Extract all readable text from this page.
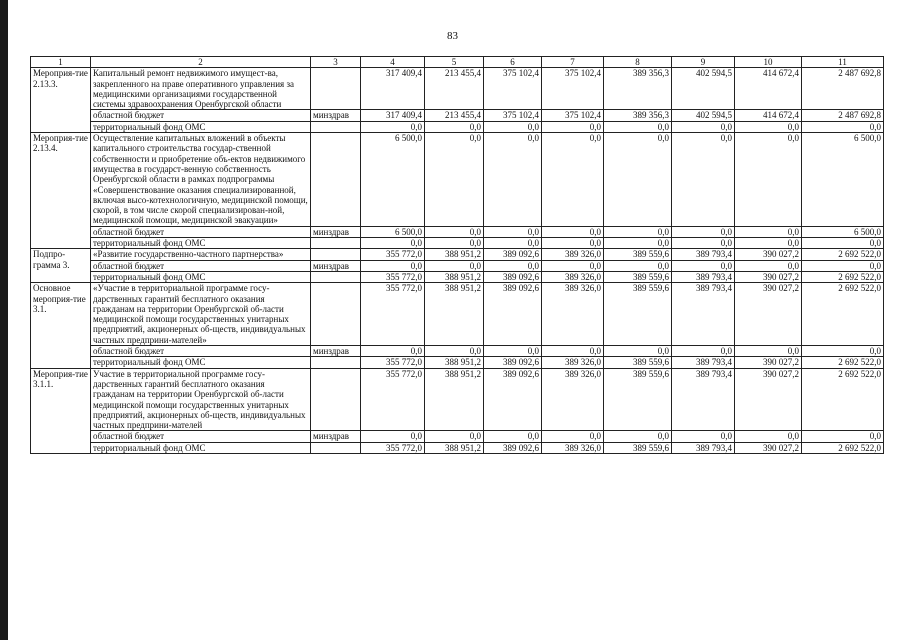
83
1	2	3	4	5	6	7	8	9	10	11
Мероприя-тие 2.13.3.	Капитальный ремонт недвижимого имущест-ва, закрепленного на праве оперативного управления за медицинскими организациями государственной системы здравоохранения Оренбургской области		317 409,4	213 455,4	375 102,4	375 102,4	389 356,3	402 594,5	414 672,4	2 487 692,8
	областной бюджет	минздрав	317 409,4	213 455,4	375 102,4	375 102,4	389 356,3	402 594,5	414 672,4	2 487 692,8
	территориальный фонд ОМС		0,0	0,0	0,0	0,0	0,0	0,0	0,0	0,0
Мероприя-тие 2.13.4.	Осуществление капитальных вложений в объекты капитального строительства государ-ственной собственности и приобретение объ-ектов недвижимого имущества в государст-венную собственность Оренбургской области в рамках подпрограммы «Совершенствование оказания специализированной, включая высо-котехнологичную, медицинской помощи, скорой, в том числе скорой специализирован-ной, медицинской помощи, медицинской эвакуации»		6 500,0	0,0	0,0	0,0	0,0	0,0	0,0	6 500,0
	областной бюджет	минздрав	6 500,0	0,0	0,0	0,0	0,0	0,0	0,0	6 500,0
	территориальный фонд ОМС		0,0	0,0	0,0	0,0	0,0	0,0	0,0	0,0
Подпро-грамма 3.	«Развитие государственно-частного партнерства»		355 772,0	388 951,2	389 092,6	389 326,0	389 559,6	389 793,4	390 027,2	2 692 522,0
	областной бюджет	минздрав	0,0	0,0	0,0	0,0	0,0	0,0	0,0	0,0
	территориальный фонд ОМС		355 772,0	388 951,2	389 092,6	389 326,0	389 559,6	389 793,4	390 027,2	2 692 522,0
Основное мероприя-тие 3.1.	«Участие в территориальной программе госу-дарственных гарантий бесплатного оказания гражданам на территории Оренбургской об-ласти медицинской помощи государственных унитарных предприятий, акционерных об-ществ, индивидуальных частных предприни-мателей»		355 772,0	388 951,2	389 092,6	389 326,0	389 559,6	389 793,4	390 027,2	2 692 522,0
	областной бюджет	минздрав	0,0	0,0	0,0	0,0	0,0	0,0	0,0	0,0
	территориальный фонд ОМС		355 772,0	388 951,2	389 092,6	389 326,0	389 559,6	389 793,4	390 027,2	2 692 522,0
Мероприя-тие 3.1.1.	Участие в территориальной программе госу-дарственных гарантий бесплатного оказания гражданам на территории Оренбургской об-ласти медицинской помощи государственных унитарных предприятий, акционерных об-ществ, индивидуальных частных предприни-мателей		355 772,0	388 951,2	389 092,6	389 326,0	389 559,6	389 793,4	390 027,2	2 692 522,0
	областной бюджет	минздрав	0,0	0,0	0,0	0,0	0,0	0,0	0,0	0,0
	территориальный фонд ОМС		355 772,0	388 951,2	389 092,6	389 326,0	389 559,6	389 793,4	390 027,2	2 692 522,0
